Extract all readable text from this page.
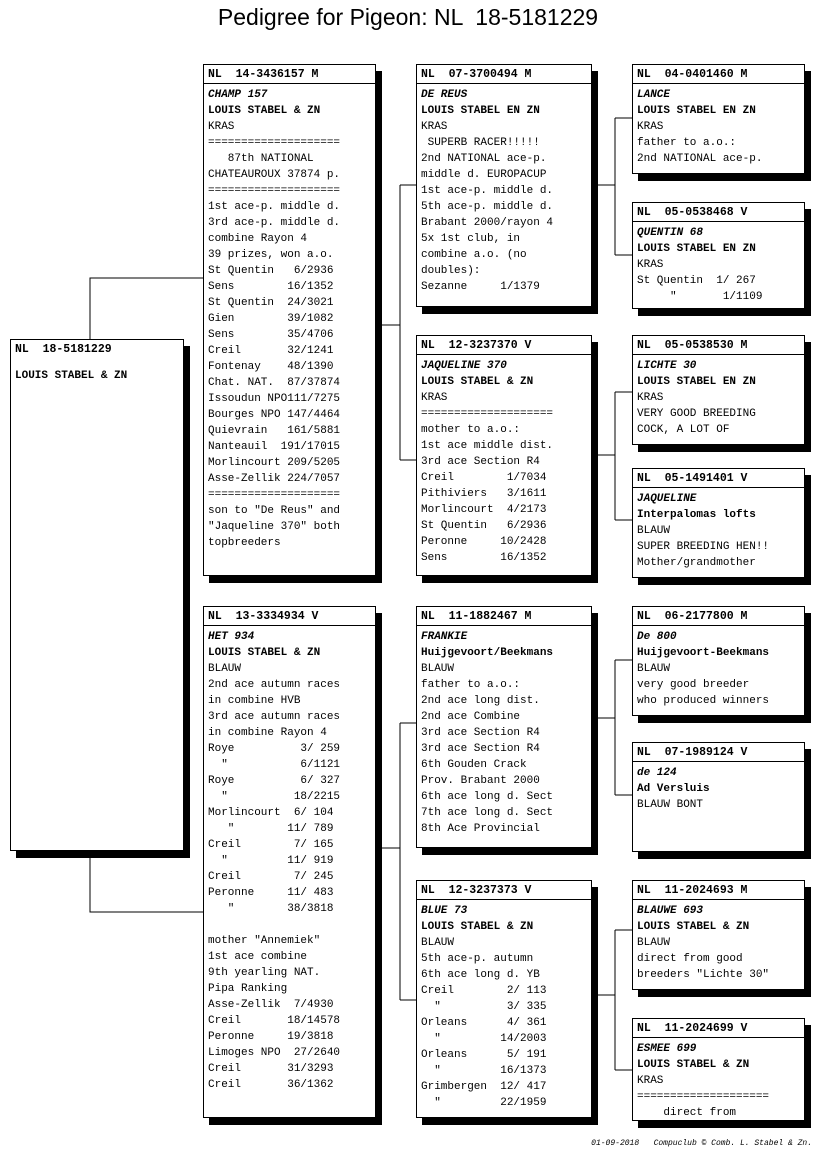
Pedigree for Pigeon: NL  18-5181229
NL  18-5181229
LOUIS STABEL & ZN
NL  14-3436157 M
CHAMP 157
LOUIS STABEL & ZN
KRAS
====================
87th NATIONAL
CHATEAUROUX 37874 p.
====================
1st ace-p. middle d.
3rd ace-p. middle d.
combine Rayon 4
39 prizes, won a.o.
St Quentin   6/2936
Sens        16/1352
St Quentin  24/3021
Gien        39/1082
Sens        35/4706
Creil       32/1241
Fontenay    48/1390
Chat. NAT.  87/37874
Issoudun NPO111/7275
Bourges NPO 147/4464
Quievrain   161/5881
Nanteauil  191/17015
Morlincourt 209/5205
Asse-Zellik 224/7057
====================
son to "De Reus" and
"Jaqueline 370" both
topbreeders
NL  13-3334934 V
HET 934
LOUIS STABEL & ZN
BLAUW
2nd ace autumn races
in combine HVB
3rd ace autumn races
in combine Rayon 4
Roye          3/ 259
"           6/1121
Roye          6/ 327
"          18/2215
Morlincourt  6/ 104
"        11/ 789
Creil        7/ 165
"         11/ 919
Creil        7/ 245
Peronne     11/ 483
"        38/3818
mother "Annemiek"
1st ace combine
9th yearling NAT.
Pipa Ranking
Asse-Zellik  7/4930
Creil       18/14578
Peronne     19/3818
Limoges NPO  27/2640
Creil       31/3293
Creil       36/1362
NL  07-3700494 M
DE REUS
LOUIS STABEL EN ZN
KRAS
SUPERB RACER!!!!!
2nd NATIONAL ace-p.
middle d. EUROPACUP
1st ace-p. middle d.
5th ace-p. middle d.
Brabant 2000/rayon 4
5x 1st club, in
combine a.o. (no
doubles):
Sezanne     1/1379
NL  12-3237370 V
JAQUELINE 370
LOUIS STABEL & ZN
KRAS
====================
mother to a.o.:
1st ace middle dist.
3rd ace Section R4
Creil        1/7034
Pithiviers   3/1611
Morlincourt  4/2173
St Quentin   6/2936
Peronne     10/2428
Sens        16/1352
NL  11-1882467 M
FRANKIE
Huijgevoort/Beekmans
BLAUW
father to a.o.:
2nd ace long dist.
2nd ace Combine
3rd ace Section R4
3rd ace Section R4
6th Gouden Crack
Prov. Brabant 2000
6th ace long d. Sect
7th ace long d. Sect
8th Ace Provincial
NL  12-3237373 V
BLUE 73
LOUIS STABEL & ZN
BLAUW
5th ace-p. autumn
6th ace long d. YB
Creil        2/ 113
"          3/ 335
Orleans      4/ 361
"         14/2003
Orleans      5/ 191
"         16/1373
Grimbergen  12/ 417
"         22/1959
NL  04-0401460 M
LANCE
LOUIS STABEL EN ZN
KRAS
father to a.o.:
2nd NATIONAL ace-p.
NL  05-0538468 V
QUENTIN 68
LOUIS STABEL EN ZN
KRAS
St Quentin  1/ 267
"       1/1109
NL  05-0538530 M
LICHTE 30
LOUIS STABEL EN ZN
KRAS
VERY GOOD BREEDING
COCK, A LOT OF
NL  05-1491401 V
JAQUELINE
Interpalomas lofts
BLAUW
SUPER BREEDING HEN!!
Mother/grandmother
NL  06-2177800 M
De 800
Huijgevoort-Beekmans
BLAUW
very good breeder
who produced winners
NL  07-1989124 V
de 124
Ad Versluis
BLAUW BONT
NL  11-2024693 M
BLAUWE 693
LOUIS STABEL & ZN
BLAUW
direct from good
breeders "Lichte 30"
NL  11-2024699 V
ESMEE 699
LOUIS STABEL & ZN
KRAS
====================
direct from
01-09-2018 Compuclub © Comb. L. Stabel & Zn.
